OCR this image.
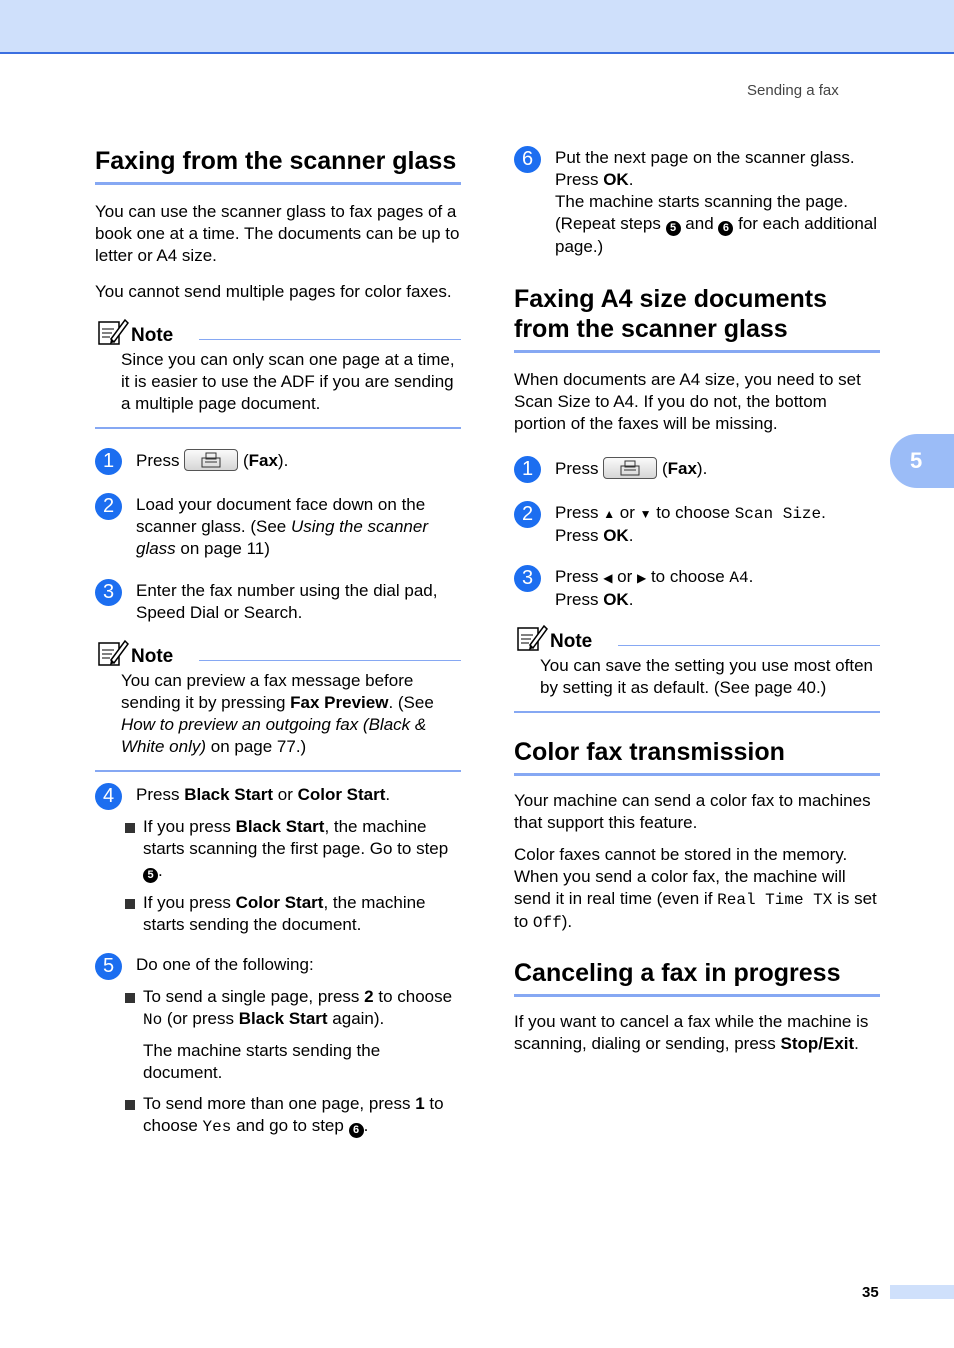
Sending a fax
5
Faxing from the scanner glass

You can use the scanner glass to fax pages of a book one at a time. The documents can be up to letter or A4 size.

You cannot send multiple pages for color faxes.

Note

Since you can only scan one page at a time, it is easier to use the ADF if you are sending a multiple page document.

1	Press	(Fax).
2	Load your document face down on the scanner glass. (See Using the scanner glass on page 11)
3	Enter the fax number using the dial pad, Speed Dial or Search.
Note

You can preview a fax message before sending it by pressing Fax Preview. (See How to preview an outgoing fax (Black & White only) on page 77.)

4	Press Black Start or Color Start.
If you press Black Start, the machine starts scanning the first page. Go to step 5 .
If you press Color Start, the machine starts sending the document.
5	Do one of the following:
To send a single page, press 2 to choose No (or press Black Start again).

The machine starts sending the document.

To send more than one page, press 1 to choose Yes and go to step 6 .
6	Put the next page on the scanner glass. Press OK.
The machine starts scanning the page. (Repeat steps 5 and 6 for each additional page.)
Faxing A4 size documents from the scanner glass

When documents are A4 size, you need to set Scan Size to A4. If you do not, the bottom portion of the faxes will be missing.

1	Press	(Fax).
2	Press ▲ or ▼ to choose Scan Size.
Press OK.
3	Press ◀ or ▶ to choose A4.
Press OK.
Note

You can save the setting you use most often by setting it as default. (See page 40.)

Color fax transmission

Your machine can send a color fax to machines that support this feature.

Color faxes cannot be stored in the memory. When you send a color fax, the machine will send it in real time (even if Real Time TX is set to Off).

Canceling a fax in progress

If you want to cancel a fax while the machine is scanning, dialing or sending, press Stop/Exit.

35
